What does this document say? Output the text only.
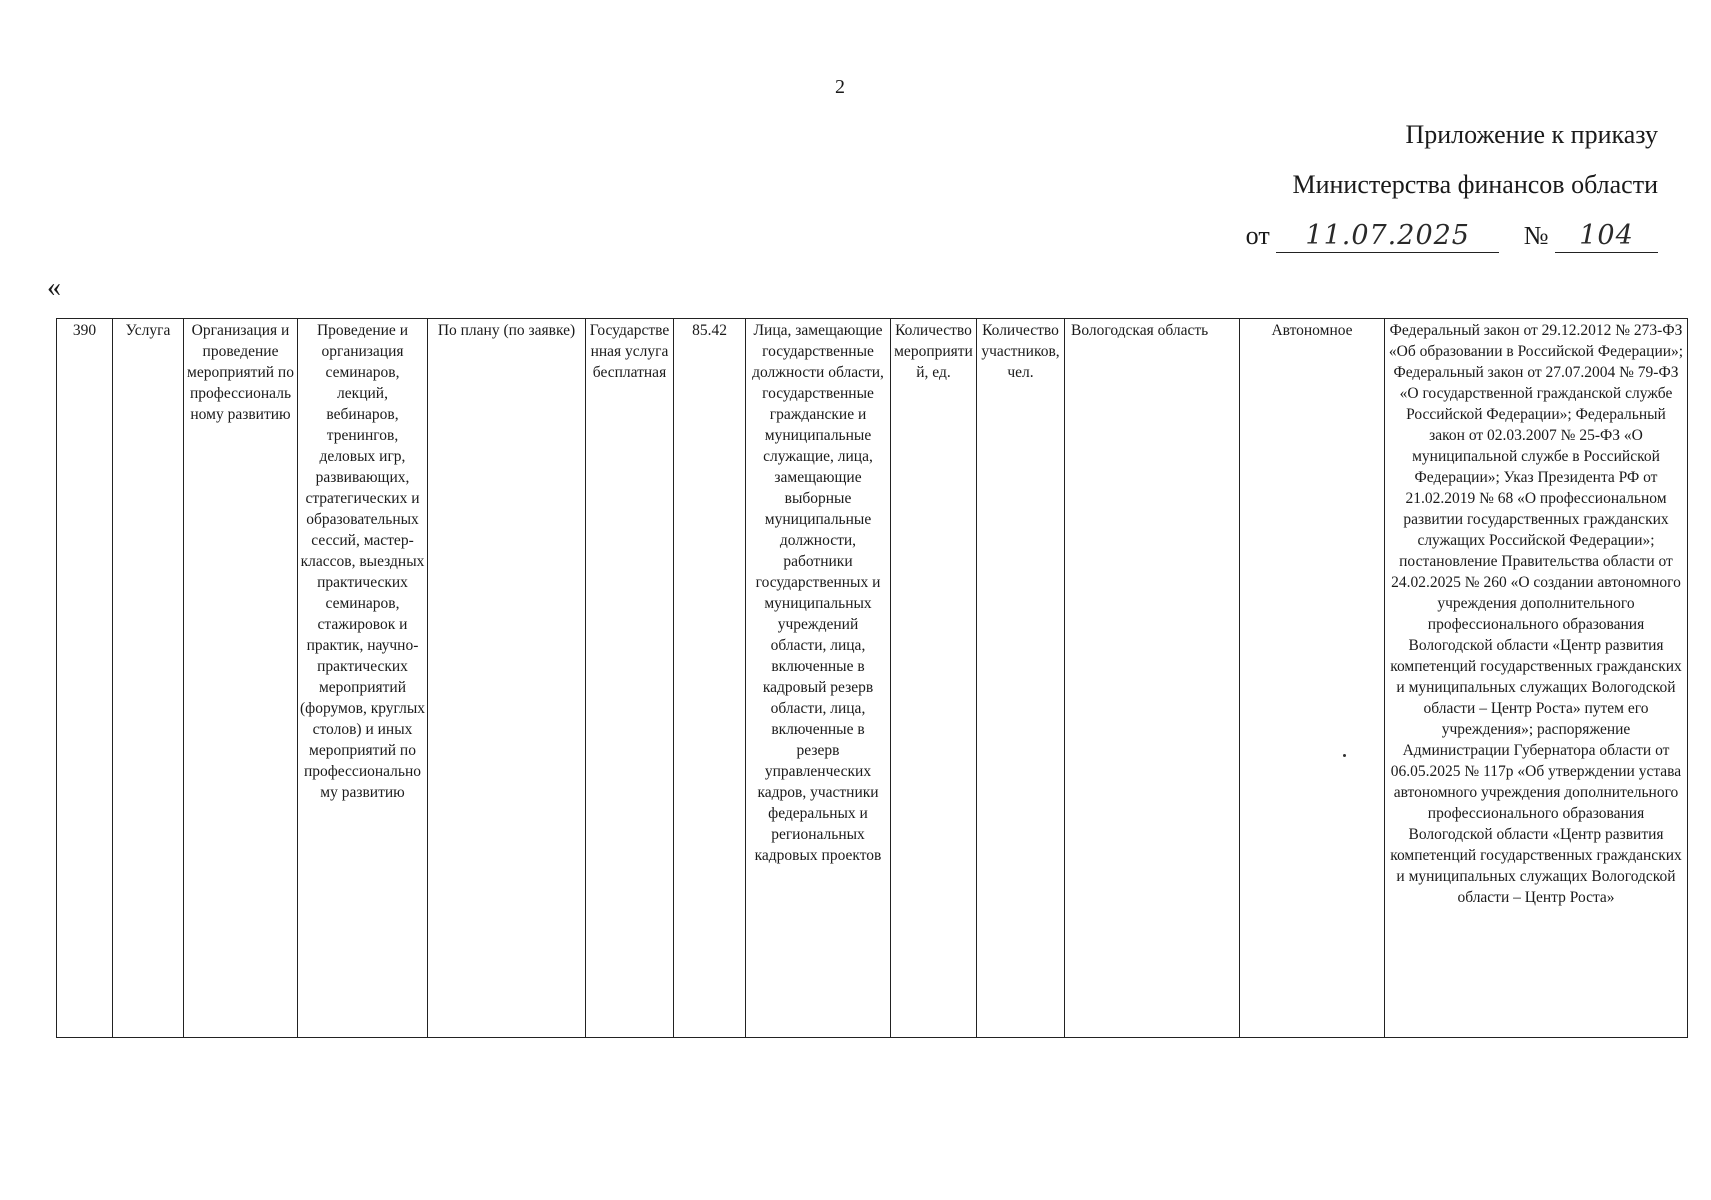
2
Приложение к приказу
Министерства финансов области
от 11.07.2025 № 104
«
390	Услуга	Организация и проведение мероприятий по профессиональному развитию	Проведение и организация семинаров, лекций, вебинаров, тренингов, деловых игр, развивающих, стратегических и образовательных сессий, мастер-классов, выездных практических семинаров, стажировок и практик, научно-практических мероприятий (форумов, круглых столов) и иных мероприятий по профессиональному развитию	По плану (по заявке)	Государственная услуга бесплатная	85.42	Лица, замещающие государственные должности области, государственные гражданские и муниципальные служащие, лица, замещающие выборные муниципальные должности, работники государственных и муниципальных учреждений области, лица, включенные в кадровый резерв области, лица, включенные в резерв управленческих кадров, участники федеральных и региональных кадровых проектов	Количество мероприятий, ед.	Количество участников, чел.	Вологодская область	Автономное	Федеральный закон от 29.12.2012 № 273-ФЗ «Об образовании в Российской Федерации»; Федеральный закон от 27.07.2004 № 79-ФЗ «О государственной гражданской службе Российской Федерации»; Федеральный закон от 02.03.2007 № 25-ФЗ «О муниципальной службе в Российской Федерации»; Указ Президента РФ от 21.02.2019 № 68 «О профессиональном развитии государственных гражданских служащих Российской Федерации»; постановление Правительства области от 24.02.2025 № 260 «О создании автономного учреждения дополнительного профессионального образования Вологодской области «Центр развития компетенций государственных гражданских и муниципальных служащих Вологодской области – Центр Роста» путем его учреждения»; распоряжение Администрации Губернатора области от 06.05.2025 № 117р «Об утверждении устава автономного учреждения дополнительного профессионального образования Вологодской области «Центр развития компетенций государственных гражданских и муниципальных служащих Вологодской области – Центр Роста»
